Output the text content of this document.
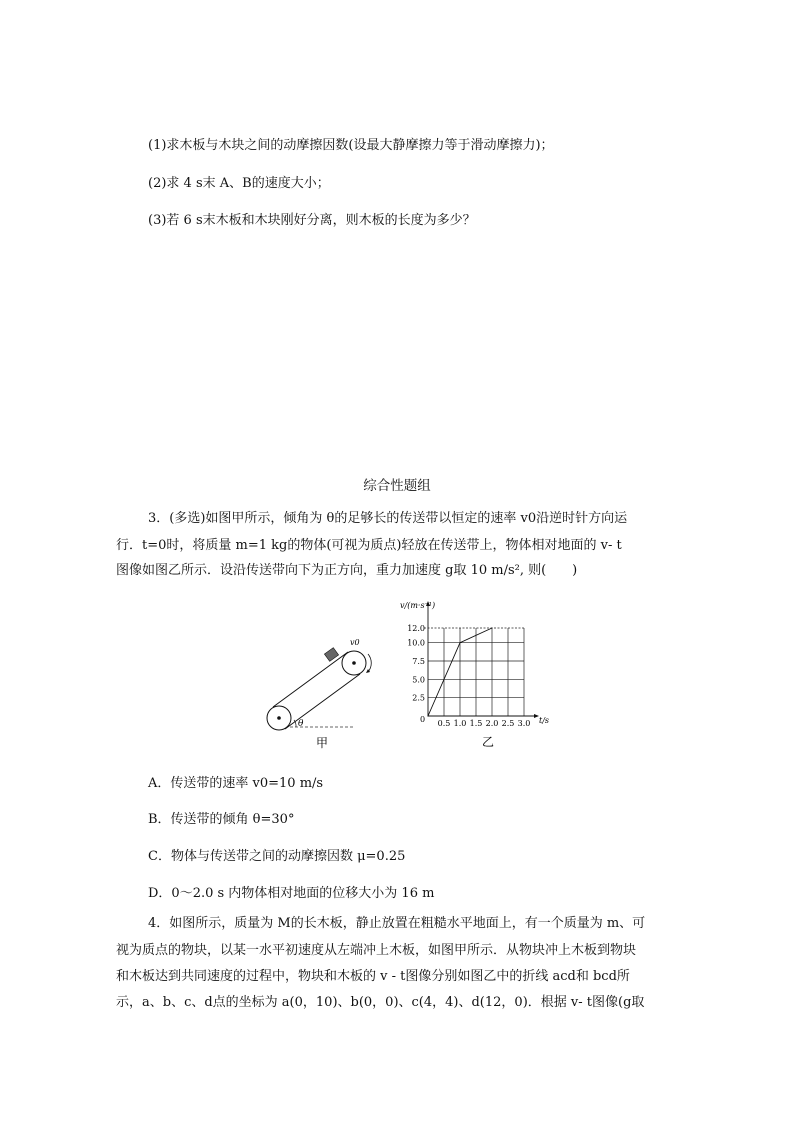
(1)求木板与木块之间的动摩擦因数(设最大静摩擦力等于滑动摩擦力)；
(2)求 4 s末 A、B的速度大小；
(3)若 6 s末木板和木块刚好分离，则木板的长度为多少？
综合性题组
3．(多选)如图甲所示，倾角为 θ的足够长的传送带以恒定的速率 v0沿逆时针方向运
行．t=0时，将质量 m=1 kg的物体(可视为质点)轻放在传送带上，物体相对地面的 v- t
图像如图乙所示．设沿传送带向下为正方向，重力加速度 g取 10 m/s², 则(　　)
θ
v0
甲
0.5 1.0 1.5 2.0 2.5 3.0
2.5
5.0
7.5
10.0
12.0
v/(m·s⁻¹)
t/s
0
乙
A．传送带的速率 v0=10 m/s
B．传送带的倾角 θ=30°
C．物体与传送带之间的动摩擦因数 μ=0.25
D．0～2.0 s 内物体相对地面的位移大小为 16 m
4．如图所示，质量为 M的长木板，静止放置在粗糙水平地面上，有一个质量为 m、可
视为质点的物块，以某一水平初速度从左端冲上木板，如图甲所示．从物块冲上木板到物块
和木板达到共同速度的过程中，物块和木板的 v - t图像分别如图乙中的折线 acd和 bcd所
示，a、b、c、d点的坐标为 a(0，10)、b(0，0)、c(4，4)、d(12，0)．根据 v- t图像(g取
